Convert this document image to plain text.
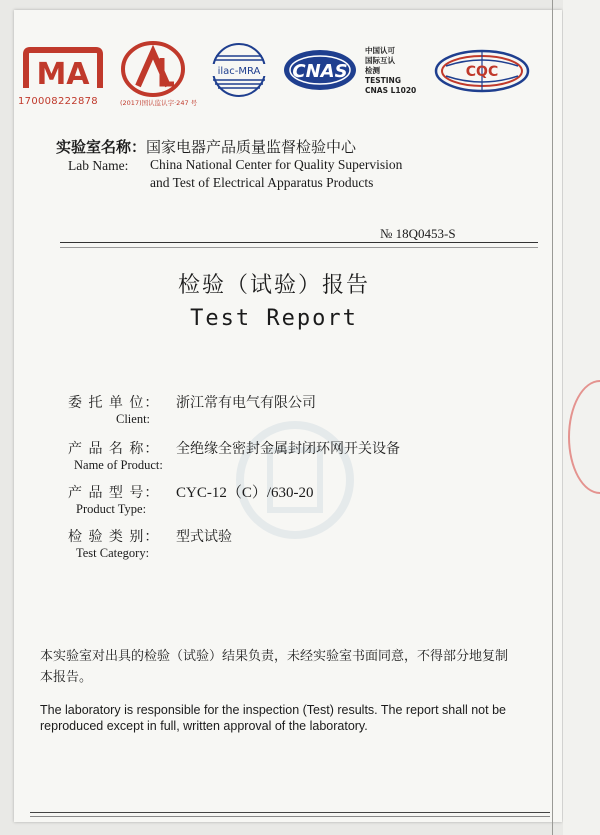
MA
170008222878	(2017)国认监认字·247 号
ilac-MRA CNAS
中国认可
国际互认
检测
TESTING
CNAS L1020
CQC
实验室名称：国家电器产品质量监督检验中心
Lab Name: China National Center for Quality Supervision
and Test of Electrical Apparatus Products
№ 18Q0453-S
检验（试验）报告
Test Report
委 托 单 位： 浙江常有电气有限公司
Client:
产 品 名 称： 全绝缘全密封金属封闭环网开关设备
Name of Product:
产 品 型 号： CYC-12（C）/630-20
Product Type:
检 验 类 别： 型式试验
Test Category:
本实验室对出具的检验（试验）结果负责，未经实验室书面同意，不得部分地复制本报告。
The laboratory is responsible for the inspection (Test) results. The report shall not be reproduced except in full, written approval of the laboratory.
